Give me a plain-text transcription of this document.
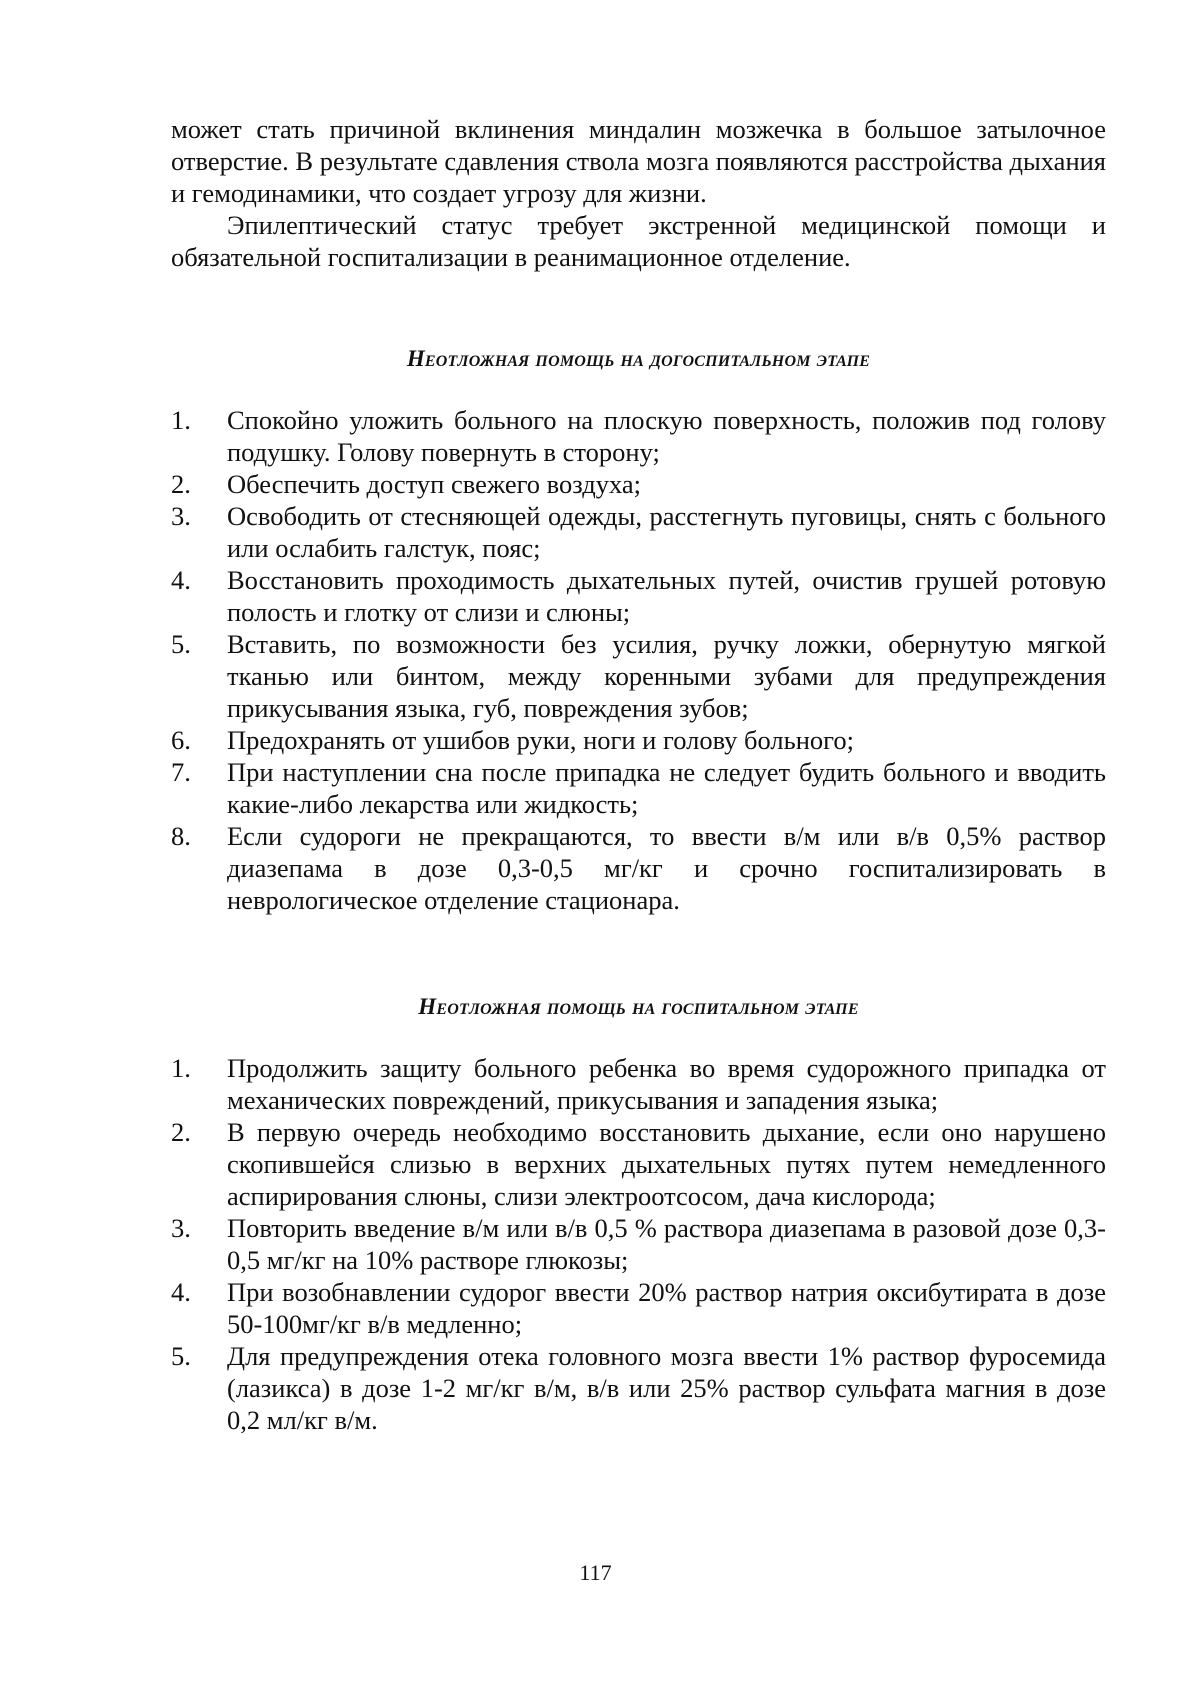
может стать причиной вклинения миндалин мозжечка в большое затылочное отверстие. В результате сдавления ствола мозга появляются расстройства дыхания и гемодинамики, что создает угрозу для жизни.

Эпилептический статус требует экстренной медицинской помощи и обязательной госпитализации в реанимационное отделение.

Неотложная помощь на догоспитальном этапе
1.	Спокойно уложить больного на плоскую поверхность, положив под голову подушку. Голову повернуть в сторону;
2.	Обеспечить доступ свежего воздуха;
3.	Освободить от стесняющей одежды, расстегнуть пуговицы, снять с больного или ослабить галстук, пояс;
4.	Восстановить проходимость дыхательных путей, очистив грушей ротовую полость и глотку от слизи и слюны;
5.	Вставить, по возможности без усилия, ручку ложки, обернутую мягкой тканью или бинтом, между коренными зубами для предупреждения прикусывания языка, губ, повреждения зубов;
6.	Предохранять от ушибов руки, ноги и голову больного;
7.	При наступлении сна после припадка не следует будить больного и вводить какие-либо лекарства или жидкость;
8.	Если судороги не прекращаются, то ввести в/м или в/в 0,5% раствор диазепама в дозе 0,3-0,5 мг/кг и срочно госпитализировать в неврологическое отделение стационара.
Неотложная помощь на госпитальном этапе
1.	Продолжить защиту больного ребенка во время судорожного припадка от механических повреждений, прикусывания и западения языка;
2.	В первую очередь необходимо восстановить дыхание, если оно нарушено скопившейся слизью в верхних дыхательных путях путем немедленного аспирирования слюны, слизи электроотсосом, дача кислорода;
3.	Повторить введение в/м или в/в 0,5 % раствора диазепама в разовой дозе 0,3-0,5 мг/кг на 10% растворе глюкозы;
4.	При возобнавлении судорог ввести 20% раствор натрия оксибутирата в дозе 50-100мг/кг в/в медленно;
5.	Для предупреждения отека головного мозга ввести 1% раствор фуросемида (лазикса) в дозе 1-2 мг/кг в/м, в/в или 25% раствор сульфата магния в дозе 0,2 мл/кг в/м.
117
